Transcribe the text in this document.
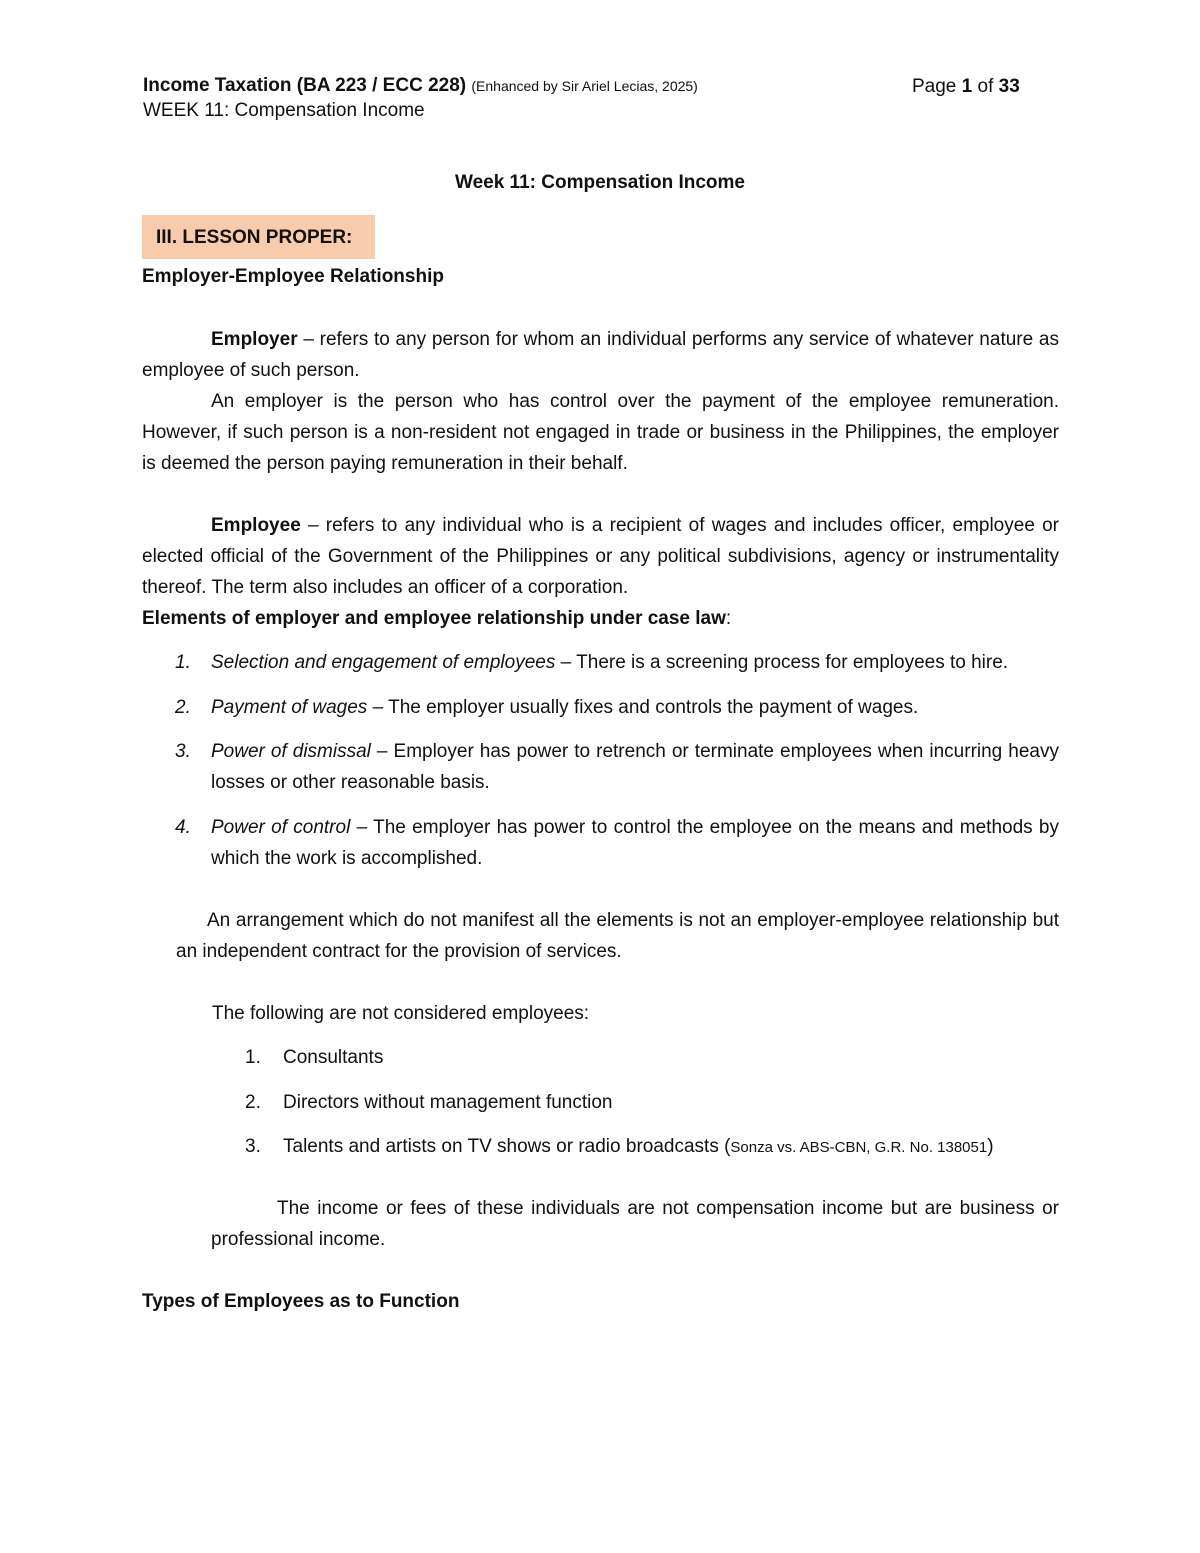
Income Taxation (BA 223 / ECC 228) (Enhanced by Sir Ariel Lecias, 2025)
WEEK 11: Compensation Income
Page 1 of 33
Week 11: Compensation Income
III. LESSON PROPER:
Employer-Employee Relationship
Employer – refers to any person for whom an individual performs any service of whatever nature as employee of such person.
An employer is the person who has control over the payment of the employee remuneration. However, if such person is a non-resident not engaged in trade or business in the Philippines, the employer is deemed the person paying remuneration in their behalf.
Employee – refers to any individual who is a recipient of wages and includes officer, employee or elected official of the Government of the Philippines or any political subdivisions, agency or instrumentality thereof. The term also includes an officer of a corporation.
Elements of employer and employee relationship under case law:
1. Selection and engagement of employees – There is a screening process for employees to hire.
2. Payment of wages – The employer usually fixes and controls the payment of wages.
3. Power of dismissal – Employer has power to retrench or terminate employees when incurring heavy losses or other reasonable basis.
4. Power of control – The employer has power to control the employee on the means and methods by which the work is accomplished.
An arrangement which do not manifest all the elements is not an employer-employee relationship but an independent contract for the provision of services.
The following are not considered employees:
1. Consultants
2. Directors without management function
3. Talents and artists on TV shows or radio broadcasts (Sonza vs. ABS-CBN, G.R. No. 138051)
The income or fees of these individuals are not compensation income but are business or professional income.
Types of Employees as to Function
